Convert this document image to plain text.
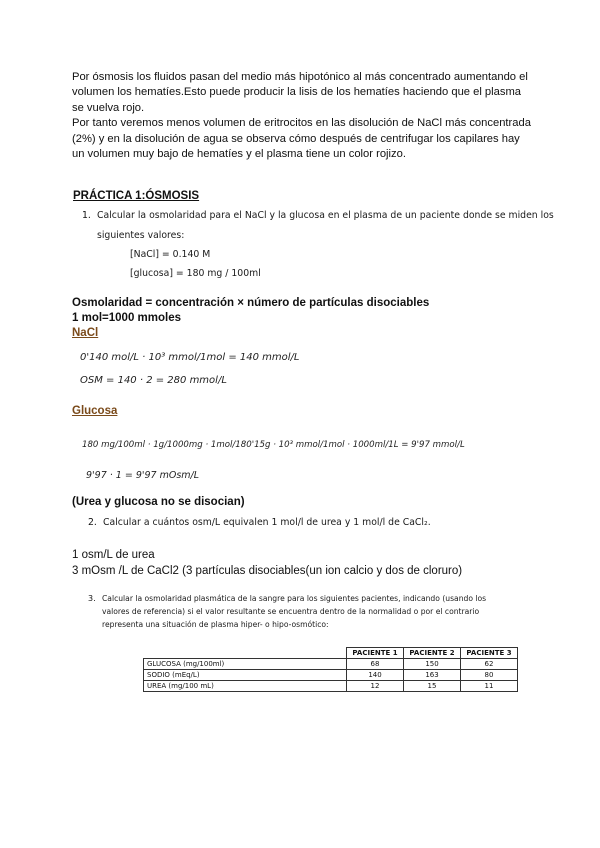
Por ósmosis los fluidos pasan del medio más hipotónico al más concentrado aumentando el
volumen los hematíes.Esto puede producir la lisis de los hematíes haciendo que el plasma
se vuelva rojo.
Por tanto veremos menos volumen de eritrocitos en las disolución de NaCl más concentrada
(2%) y en la disolución de agua se observa cómo después de centrifugar los capilares hay
un volumen muy bajo de hematíes y el plasma tiene un color rojizo.
PRÁCTICA 1:ÓSMOSIS
1. Calcular la osmolaridad para el NaCl y la glucosa en el plasma de un paciente donde se miden los
siguientes valores:
[NaCl] = 0.140 M
[glucosa] = 180 mg / 100ml
Osmolaridad = concentración × número de partículas disociables
1 mol=1000 mmoles
NaCl
0'140 mol/L · 10³ mmol/1mol = 140 mmol/L
OSM = 140 · 2 = 280 mmol/L
Glucosa
180 mg/100ml · 1g/1000mg · 1mol/180'15g · 10³ mmol/1mol · 1000ml/1L = 9'97 mmol/L
9'97 · 1 = 9'97 mOsm/L
(Urea y glucosa no se disocian)
2. Calcular a cuántos osm/L equivalen 1 mol/l de urea y 1 mol/l de CaCl₂.
1 osm/L de urea
3 mOsm /L de CaCl2 (3 partículas disociables(un ion calcio y dos de cloruro)
3. Calcular la osmolaridad plasmática de la sangre para los siguientes pacientes, indicando (usando los
valores de referencia) si el valor resultante se encuentra dentro de la normalidad o por el contrario
representa una situación de plasma hiper- o hipo-osmótico:
	PACIENTE 1	PACIENTE 2	PACIENTE 3
GLUCOSA (mg/100ml)	68	150	62
SODIO (mEq/L)	140	163	80
UREA (mg/100 mL)	12	15	11
